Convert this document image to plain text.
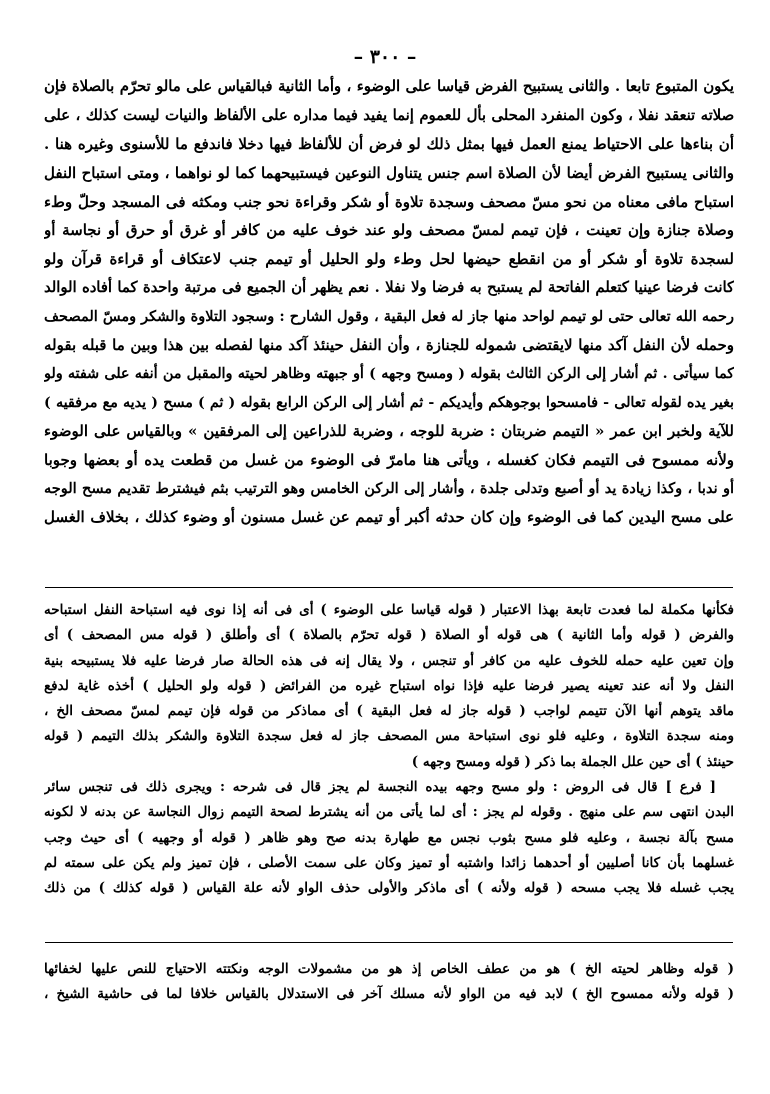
– ٣٠٠ –
يكون المتبوع تابعا . والثانى يستبيح الفرض قياسا على الوضوء ، وأما الثانية فبالقياس على مالو تحرّم بالصلاة فإن
صلاته تنعقد نفلا ، وكون المنفرد المحلى بأل للعموم إنما يفيد فيما مداره على الألفاظ والنيات ليست كذلك ، على
أن بناءها على الاحتياط يمنع العمل فيها بمثل ذلك لو فرض أن للألفاظ فيها دخلا فاندفع ما للأسنوى وغيره هنا .
والثانى يستبيح الفرض أيضا لأن الصلاة اسم جنس يتناول النوعين فيستبيحهما كما لو نواهما ، ومتى استباح النفل
استباح مافى معناه من نحو مسّ مصحف وسجدة تلاوة أو شكر وقراءة نحو جنب ومكثه فى المسجد وحلّ وطء
وصلاة جنازة وإن تعينت ، فإن تيمم لمسّ مصحف ولو عند خوف عليه من كافر أو غرق أو حرق أو نجاسة أو
لسجدة تلاوة أو شكر أو من انقطع حيضها لحل وطء ولو الحليل أو تيمم جنب لاعتكاف أو قراءة قرآن ولو
كانت فرضا عينيا كتعلم الفاتحة لم يستبح به فرضا ولا نفلا . نعم يظهر أن الجميع فى مرتبة واحدة كما أفاده الوالد
رحمه الله تعالى حتى لو تيمم لواحد منها جاز له فعل البقية ، وقول الشارح : وسجود التلاوة والشكر ومسّ المصحف
وحمله لأن النفل آكد منها لايقتضى شموله للجنازة ، وأن النفل حينئذ آكد منها لفصله بين هذا وبين ما قبله بقوله
كما سيأتى . ثم أشار إلى الركن الثالث بقوله ( ومسح وجهه ) أو جبهته وظاهر لحيته والمقبل من أنفه على شفته ولو
بغير يده لقوله تعالى - فامسحوا بوجوهكم وأيديكم - ثم أشار إلى الركن الرابع بقوله ( ثم ) مسح ( يديه مع مرفقيه )
للآية ولخبر ابن عمر « التيمم ضربتان : ضربة للوجه ، وضربة للذراعين إلى المرفقين » وبالقياس على الوضوء
ولأنه ممسوح فى التيمم فكان كغسله ، ويأتى هنا مامرّ فى الوضوء من غسل من قطعت يده أو بعضها وجوبا
أو ندبا ، وكذا زيادة يد أو أصبع وتدلى جلدة ، وأشار إلى الركن الخامس وهو الترتيب بثم فيشترط تقديم مسح الوجه
على مسح اليدين كما فى الوضوء وإن كان حدثه أكبر أو تيمم عن غسل مسنون أو وضوء كذلك ، بخلاف الغسل
فكأنها مكملة لما فعدت تابعة بهذا الاعتبار ( قوله قياسا على الوضوء ) أى فى أنه إذا نوى فيه استباحة النفل استباحه
والفرض ( قوله وأما الثانية ) هى قوله أو الصلاة ( قوله تحرّم بالصلاة ) أى وأطلق ( قوله مس المصحف ) أى
وإن تعين عليه حمله للخوف عليه من كافر أو تنجس ، ولا يقال إنه فى هذه الحالة صار فرضا عليه فلا يستبيحه بنية
النفل ولا أنه عند تعينه يصير فرضا عليه فإذا نواه استباح غيره من الفرائض ( قوله ولو الحليل ) أخذه غاية لدفع
ماقد يتوهم أنها الآن تتيمم لواجب ( قوله جاز له فعل البقية ) أى مماذكر من قوله فإن تيمم لمسّ مصحف الخ ،
ومنه سجدة التلاوة ، وعليه فلو نوى استباحة مس المصحف جاز له فعل سجدة التلاوة والشكر بذلك التيمم ( قوله
حينئذ ) أى حين علل الجملة بما ذكر ( قوله ومسح وجهه )
[ فرع ] قال فى الروض : ولو مسح وجهه بيده النجسة لم يجز قال فى شرحه : ويجرى ذلك فى تنجس سائر
البدن انتهى سم على منهج . وقوله لم يجز : أى لما يأتى من أنه يشترط لصحة التيمم زوال النجاسة عن بدنه لا لكونه
مسح بآلة نجسة ، وعليه فلو مسح بثوب نجس مع طهارة بدنه صح وهو ظاهر ( قوله أو وجهيه ) أى حيث وجب
غسلهما بأن كانا أصليين أو أحدهما زائدا واشتبه أو تميز وكان على سمت الأصلى ، فإن تميز ولم يكن على سمته لم
يجب غسله فلا يجب مسحه ( قوله ولأنه ) أى ماذكر والأولى حذف الواو لأنه علة القياس ( قوله كذلك ) من ذلك
( قوله وظاهر لحيته الخ ) هو من عطف الخاص إذ هو من مشمولات الوجه ونكتته الاحتياج للنص عليها لخفائها
( قوله ولأنه ممسوح الخ ) لابد فيه من الواو لأنه مسلك آخر فى الاستدلال بالقياس خلافا لما فى حاشية الشيخ ،
